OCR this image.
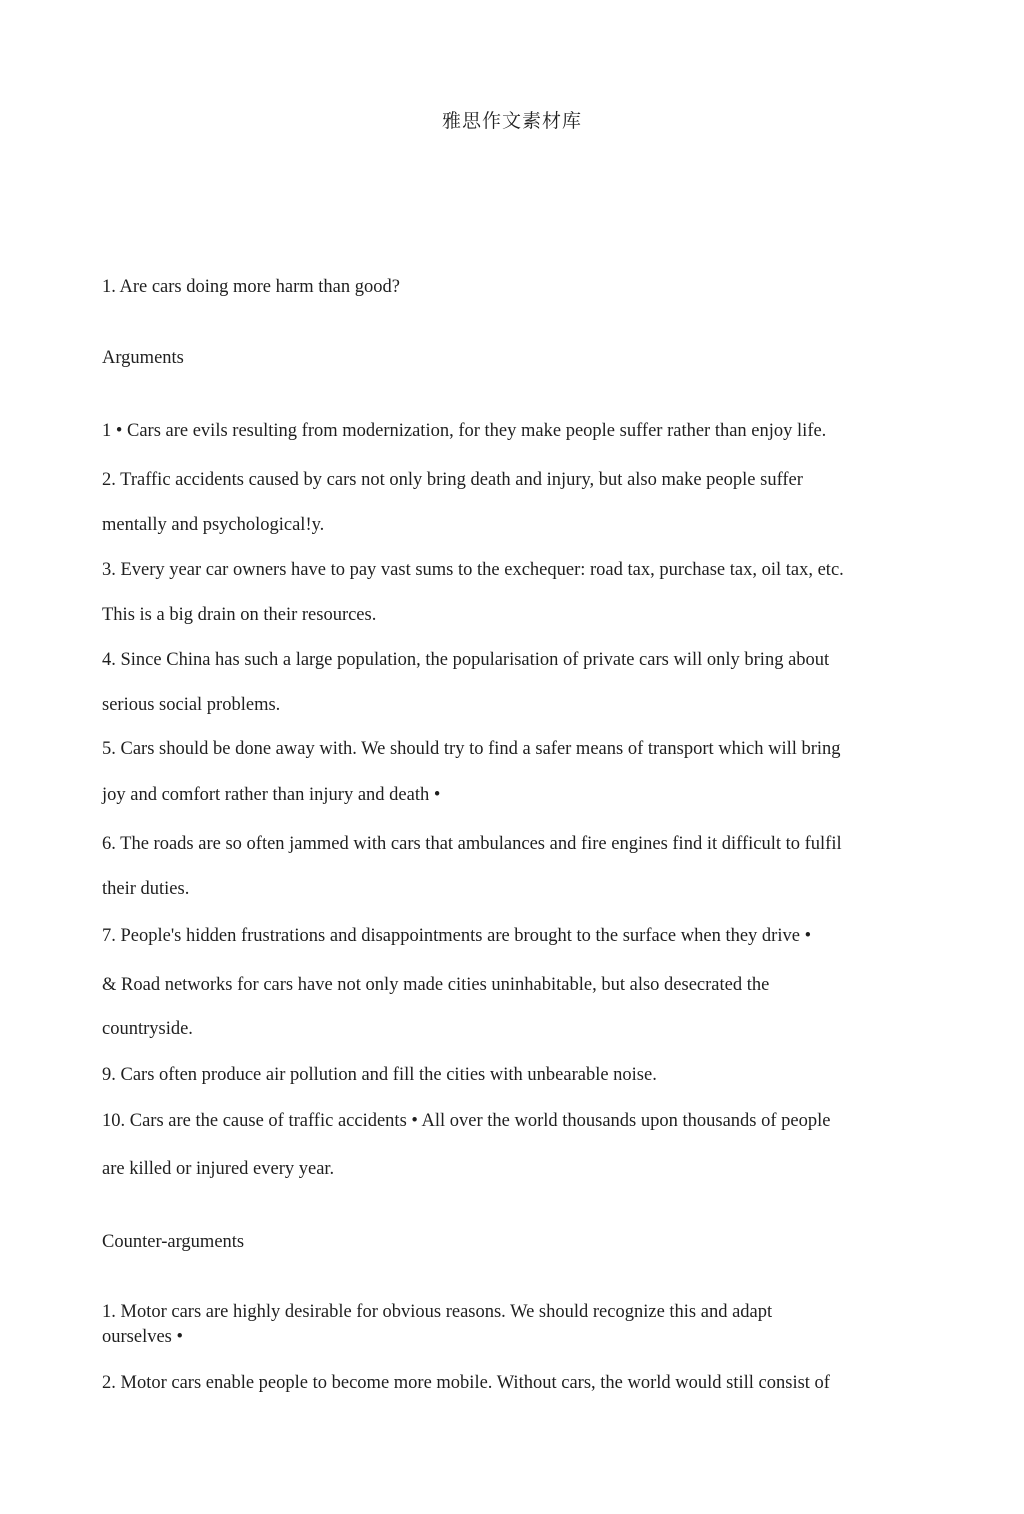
雅思作文素材库
1. Are cars doing more harm than good?
Arguments
1 • Cars are evils resulting from modernization, for they make people suffer rather than enjoy life.
2. Traffic accidents caused by cars not only bring death and injury, but also make people suffer
mentally and psychological!y.
3. Every year car owners have to pay vast sums to the exchequer: road tax, purchase tax, oil tax, etc.
This is a big drain on their resources.
4. Since China has such a large population, the popularisation of private cars will only bring about
serious social problems.
5. Cars should be done away with. We should try to find a safer means of transport which will bring
joy and comfort rather than injury and death •
6. The roads are so often jammed with cars that ambulances and fire engines find it difficult to fulfil
their duties.
7. People's hidden frustrations and disappointments are brought to the surface when they drive •
& Road networks for cars have not only made cities uninhabitable, but also desecrated the
countryside.
9. Cars often produce air pollution and fill the cities with unbearable noise.
10. Cars are the cause of traffic accidents • All over the world thousands upon thousands of people
are killed or injured every year.
Counter-arguments
1. Motor cars are highly desirable for obvious reasons. We should recognize this and adapt
ourselves •
2. Motor cars enable people to become more mobile. Without cars, the world would still consist of
